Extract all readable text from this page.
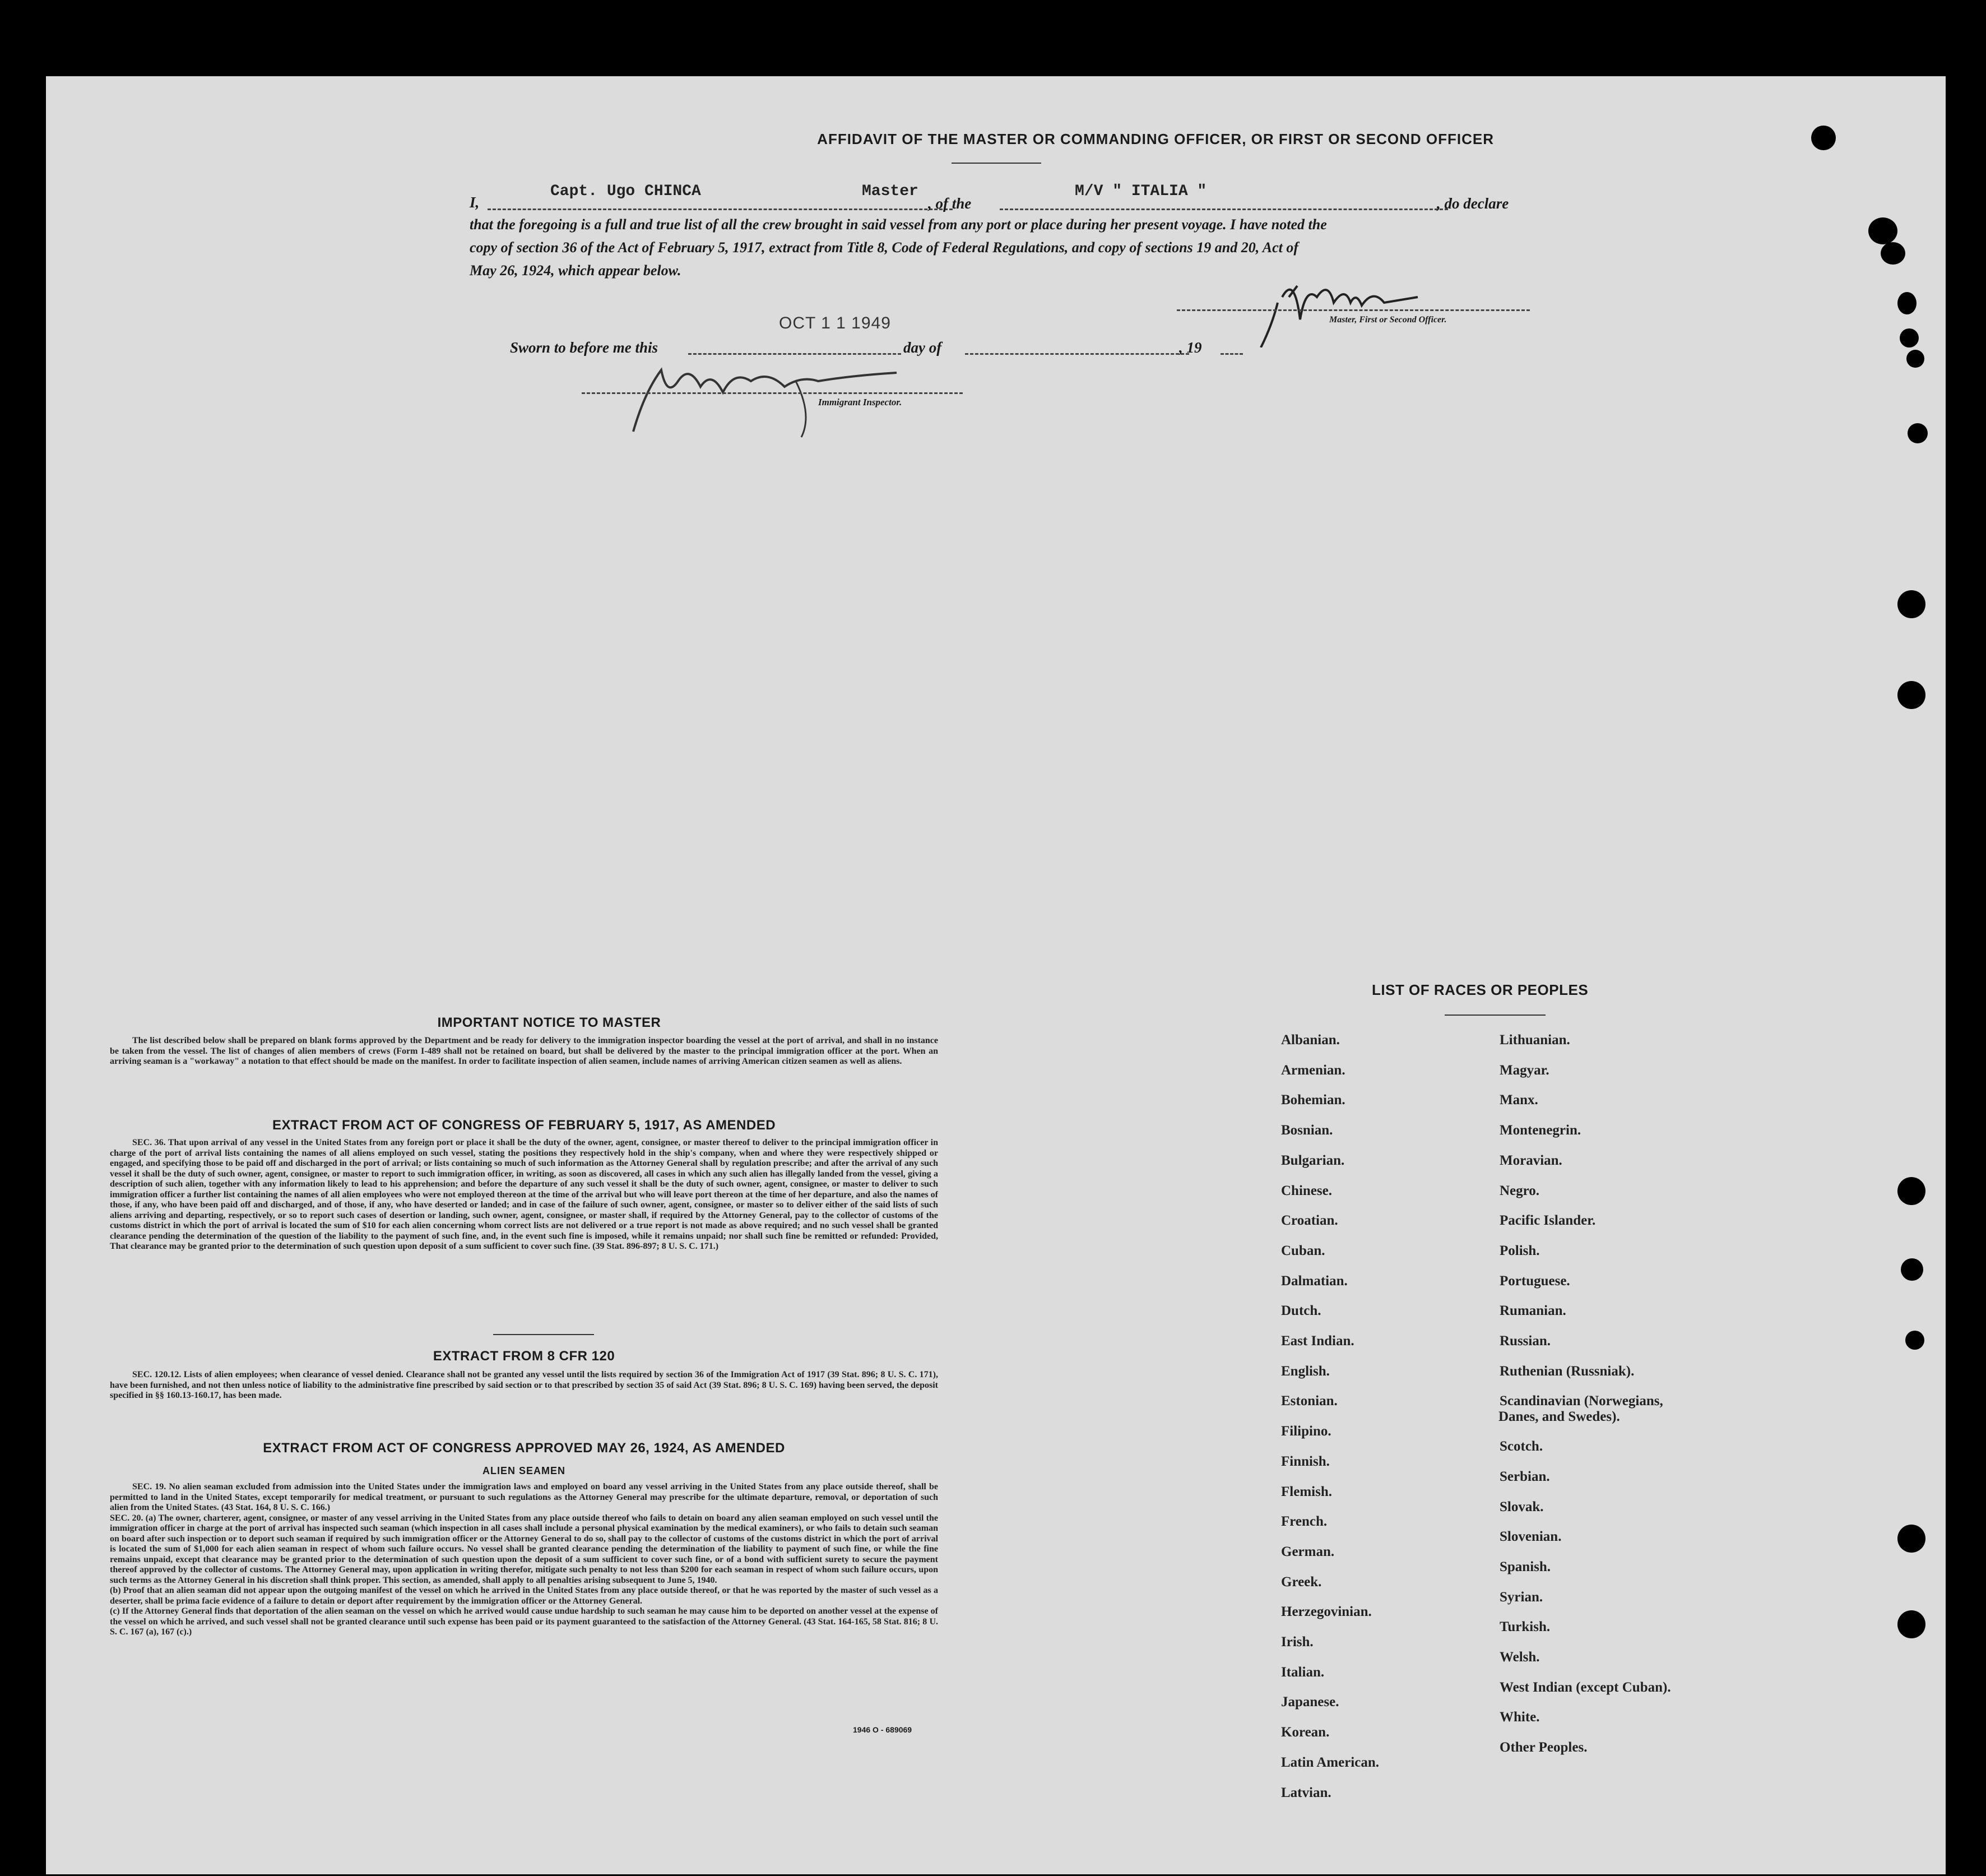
AFFIDAVIT OF THE MASTER OR COMMANDING OFFICER, OR FIRST OR SECOND OFFICER
I,
Capt. Ugo CHINCA	Master
, of the
M/V " ITALIA "
, do declare
that the foregoing is a full and true list of all the crew brought in said vessel from any port or place during her present voyage. I have noted the
copy of section 36 of the Act of February 5, 1917, extract from Title 8, Code of Federal Regulations, and copy of sections 19 and 20, Act of
May 26, 1924, which appear below.
Master, First or Second Officer.
Sworn to before me this
OCT 1 1 1949
day of	, 19
Immigrant Inspector.
IMPORTANT NOTICE TO MASTER
The list described below shall be prepared on blank forms approved by the Department and be ready for delivery to the immigration inspector boarding the vessel at the port of arrival, and shall in no instance be taken from the vessel. The list of changes of alien members of crews (Form I-489 shall not be retained on board, but shall be delivered by the master to the principal immigration officer at the port. When an arriving seaman is a "workaway" a notation to that effect should be made on the manifest. In order to facilitate inspection of alien seamen, include names of arriving American citizen seamen as well as aliens.
EXTRACT FROM ACT OF CONGRESS OF FEBRUARY 5, 1917, AS AMENDED
SEC. 36. That upon arrival of any vessel in the United States from any foreign port or place it shall be the duty of the owner, agent, consignee, or master thereof to deliver to the principal immigration officer in charge of the port of arrival lists containing the names of all aliens employed on such vessel, stating the positions they respectively hold in the ship's company, when and where they were respectively shipped or engaged, and specifying those to be paid off and discharged in the port of arrival; or lists containing so much of such information as the Attorney General shall by regulation prescribe; and after the arrival of any such vessel it shall be the duty of such owner, agent, consignee, or master to report to such immigration officer, in writing, as soon as discovered, all cases in which any such alien has illegally landed from the vessel, giving a description of such alien, together with any information likely to lead to his apprehension; and before the departure of any such vessel it shall be the duty of such owner, agent, consignee, or master to deliver to such immigration officer a further list containing the names of all alien employees who were not employed thereon at the time of the arrival but who will leave port thereon at the time of her departure, and also the names of those, if any, who have been paid off and discharged, and of those, if any, who have deserted or landed; and in case of the failure of such owner, agent, consignee, or master so to deliver either of the said lists of such aliens arriving and departing, respectively, or so to report such cases of desertion or landing, such owner, agent, consignee, or master shall, if required by the Attorney General, pay to the collector of customs of the customs district in which the port of arrival is located the sum of $10 for each alien concerning whom correct lists are not delivered or a true report is not made as above required; and no such vessel shall be granted clearance pending the determination of the question of the liability to the payment of such fine, and, in the event such fine is imposed, while it remains unpaid; nor shall such fine be remitted or refunded: Provided, That clearance may be granted prior to the determination of such question upon deposit of a sum sufficient to cover such fine. (39 Stat. 896-897; 8 U. S. C. 171.)
EXTRACT FROM 8 CFR 120
SEC. 120.12. Lists of alien employees; when clearance of vessel denied. Clearance shall not be granted any vessel until the lists required by section 36 of the Immigration Act of 1917 (39 Stat. 896; 8 U. S. C. 171), have been furnished, and not then unless notice of liability to the administrative fine prescribed by said section or to that prescribed by section 35 of said Act (39 Stat. 896; 8 U. S. C. 169) having been served, the deposit specified in §§ 160.13-160.17, has been made.
EXTRACT FROM ACT OF CONGRESS APPROVED MAY 26, 1924, AS AMENDED
ALIEN SEAMEN
SEC. 19. No alien seaman excluded from admission into the United States under the immigration laws and employed on board any vessel arriving in the United States from any place outside thereof, shall be permitted to land in the United States, except temporarily for medical treatment, or pursuant to such regulations as the Attorney General may prescribe for the ultimate departure, removal, or deportation of such alien from the United States. (43 Stat. 164, 8 U. S. C. 166.)
SEC. 20. (a) The owner, charterer, agent, consignee, or master of any vessel arriving in the United States from any place outside thereof who fails to detain on board any alien seaman employed on such vessel until the immigration officer in charge at the port of arrival has inspected such seaman (which inspection in all cases shall include a personal physical examination by the medical examiners), or who fails to detain such seaman on board after such inspection or to deport such seaman if required by such immigration officer or the Attorney General to do so, shall pay to the collector of customs of the customs district in which the port of arrival is located the sum of $1,000 for each alien seaman in respect of whom such failure occurs. No vessel shall be granted clearance pending the determination of the liability to payment of such fine, or while the fine remains unpaid, except that clearance may be granted prior to the determination of such question upon the deposit of a sum sufficient to cover such fine, or of a bond with sufficient surety to secure the payment thereof approved by the collector of customs. The Attorney General may, upon application in writing therefor, mitigate such penalty to not less than $200 for each seaman in respect of whom such failure occurs, upon such terms as the Attorney General in his discretion shall think proper. This section, as amended, shall apply to all penalties arising subsequent to June 5, 1940.
(b) Proof that an alien seaman did not appear upon the outgoing manifest of the vessel on which he arrived in the United States from any place outside thereof, or that he was reported by the master of such vessel as a deserter, shall be prima facie evidence of a failure to detain or deport after requirement by the immigration officer or the Attorney General.
(c) If the Attorney General finds that deportation of the alien seaman on the vessel on which he arrived would cause undue hardship to such seaman he may cause him to be deported on another vessel at the expense of the vessel on which he arrived, and such vessel shall not be granted clearance until such expense has been paid or its payment guaranteed to the satisfaction of the Attorney General. (43 Stat. 164-165, 58 Stat. 816; 8 U. S. C. 167 (a), 167 (c).)
1946 O - 689069
LIST OF RACES OR PEOPLES
Albanian.
Armenian.
Bohemian.
Bosnian.
Bulgarian.
Chinese.
Croatian.
Cuban.
Dalmatian.
Dutch.
East Indian.
English.
Estonian.
Filipino.
Finnish.
Flemish.
French.
German.
Greek.
Herzegovinian.
Irish.
Italian.
Japanese.
Korean.
Latin American.
Latvian.
Lithuanian.
Magyar.
Manx.
Montenegrin.
Moravian.
Negro.
Pacific Islander.
Polish.
Portuguese.
Rumanian.
Russian.
Ruthenian (Russniak).
Scandinavian (Norwegians,
Scotch.
Serbian.
Slovak.
Slovenian.
Spanish.
Syrian.
Turkish.
Welsh.
West Indian (except Cuban).
White.
Other Peoples.
Danes, and Swedes).
